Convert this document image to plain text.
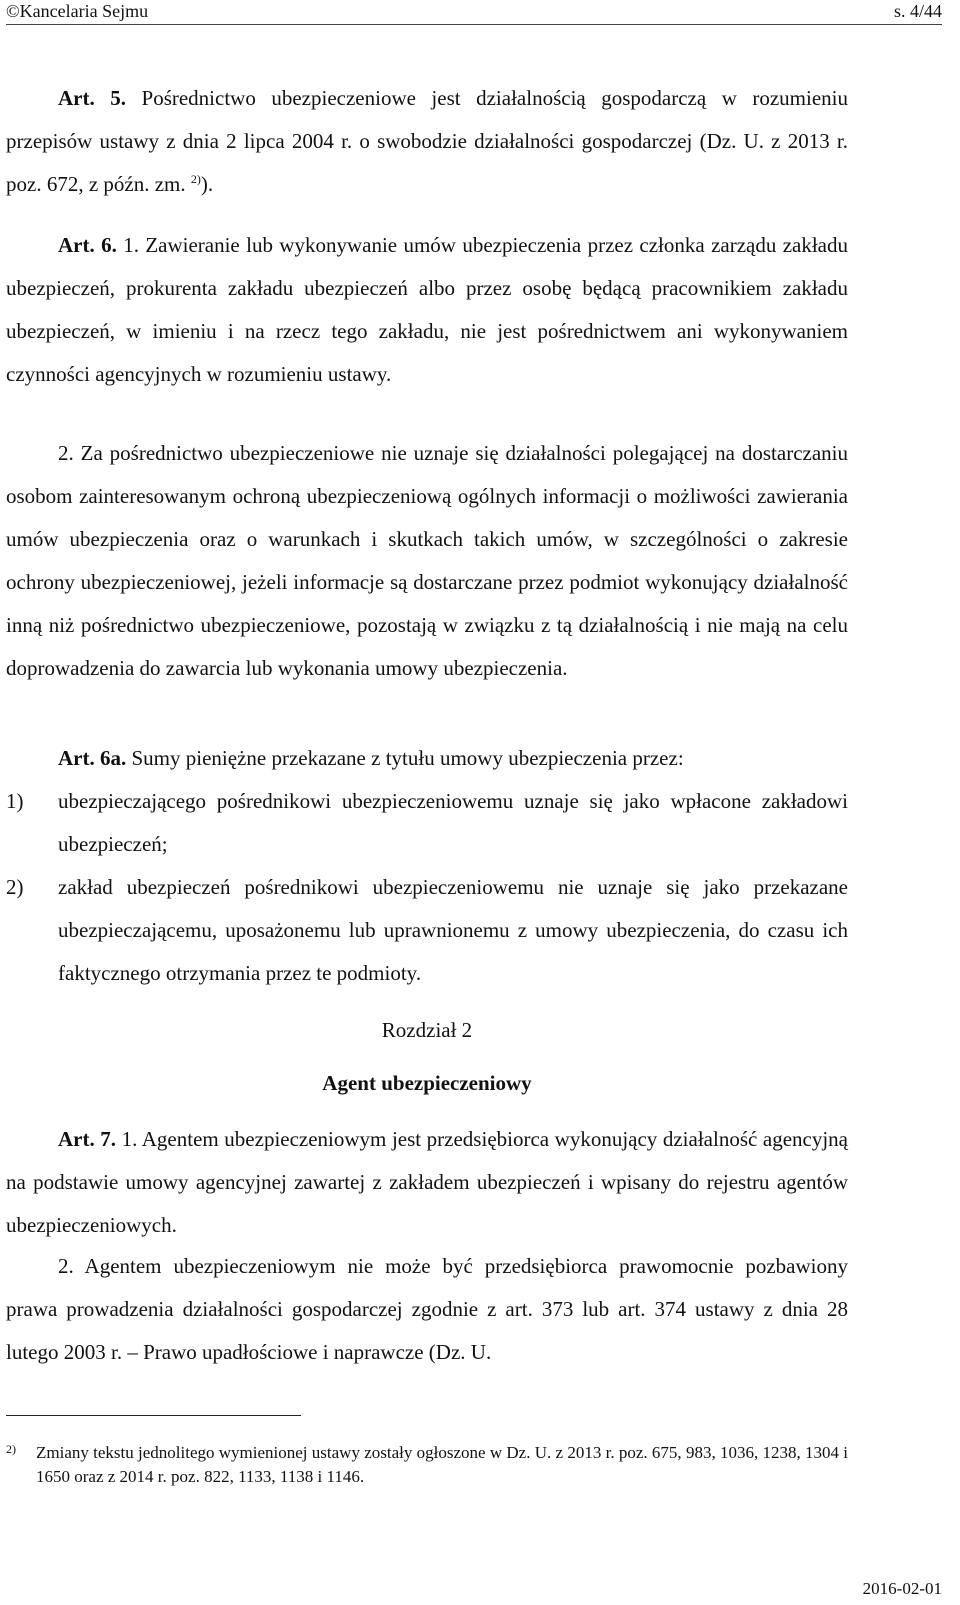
©Kancelaria Sejmu	s. 4/44

Art. 5. Pośrednictwo ubezpieczeniowe jest działalnością gospodarczą w rozumieniu przepisów ustawy z dnia 2 lipca 2004 r. o swobodzie działalności gospodarczej (Dz. U. z 2013 r. poz. 672, z późn. zm. $^{2)}$).

Art. 6. 1. Zawieranie lub wykonywanie umów ubezpieczenia przez członka zarządu zakładu ubezpieczeń, prokurenta zakładu ubezpieczeń albo przez osobę będącą pracownikiem zakładu ubezpieczeń, w imieniu i na rzecz tego zakładu, nie jest pośrednictwem ani wykonywaniem czynności agencyjnych w rozumieniu ustawy.

2. Za pośrednictwo ubezpieczeniowe nie uznaje się działalności polegającej na dostarczaniu osobom zainteresowanym ochroną ubezpieczeniową ogólnych informacji o możliwości zawierania umów ubezpieczenia oraz o warunkach i skutkach takich umów, w szczególności o zakresie ochrony ubezpieczeniowej, jeżeli informacje są dostarczane przez podmiot wykonujący działalność inną niż pośrednictwo ubezpieczeniowe, pozostają w związku z tą działalnością i nie mają na celu doprowadzenia do zawarcia lub wykonania umowy ubezpieczenia.

Art. 6a. Sumy pieniężne przekazane z tytułu umowy ubezpieczenia przez:

1)	ubezpieczającego pośrednikowi ubezpieczeniowemu uznaje się jako wpłacone zakładowi ubezpieczeń;
2)	zakład ubezpieczeń pośrednikowi ubezpieczeniowemu nie uznaje się jako przekazane ubezpieczającemu, uposażonemu lub uprawnionemu z umowy ubezpieczenia, do czasu ich faktycznego otrzymania przez te podmioty.
Rozdział 2
Agent ubezpieczeniowy

Art. 7. 1. Agentem ubezpieczeniowym jest przedsiębiorca wykonujący działalność agencyjną na podstawie umowy agencyjnej zawartej z zakładem ubezpieczeń i wpisany do rejestru agentów ubezpieczeniowych.

2. Agentem ubezpieczeniowym nie może być przedsiębiorca prawomocnie pozbawiony prawa prowadzenia działalności gospodarczej zgodnie z art. 373 lub art. 374 ustawy z dnia 28 lutego 2003 r. – Prawo upadłościowe i naprawcze (Dz. U.

2)	Zmiany tekstu jednolitego wymienionej ustawy zostały ogłoszone w Dz. U. z 2013 r. poz. 675, 983, 1036, 1238, 1304 i 1650 oraz z 2014 r. poz. 822, 1133, 1138 i 1146.
2016-02-01
